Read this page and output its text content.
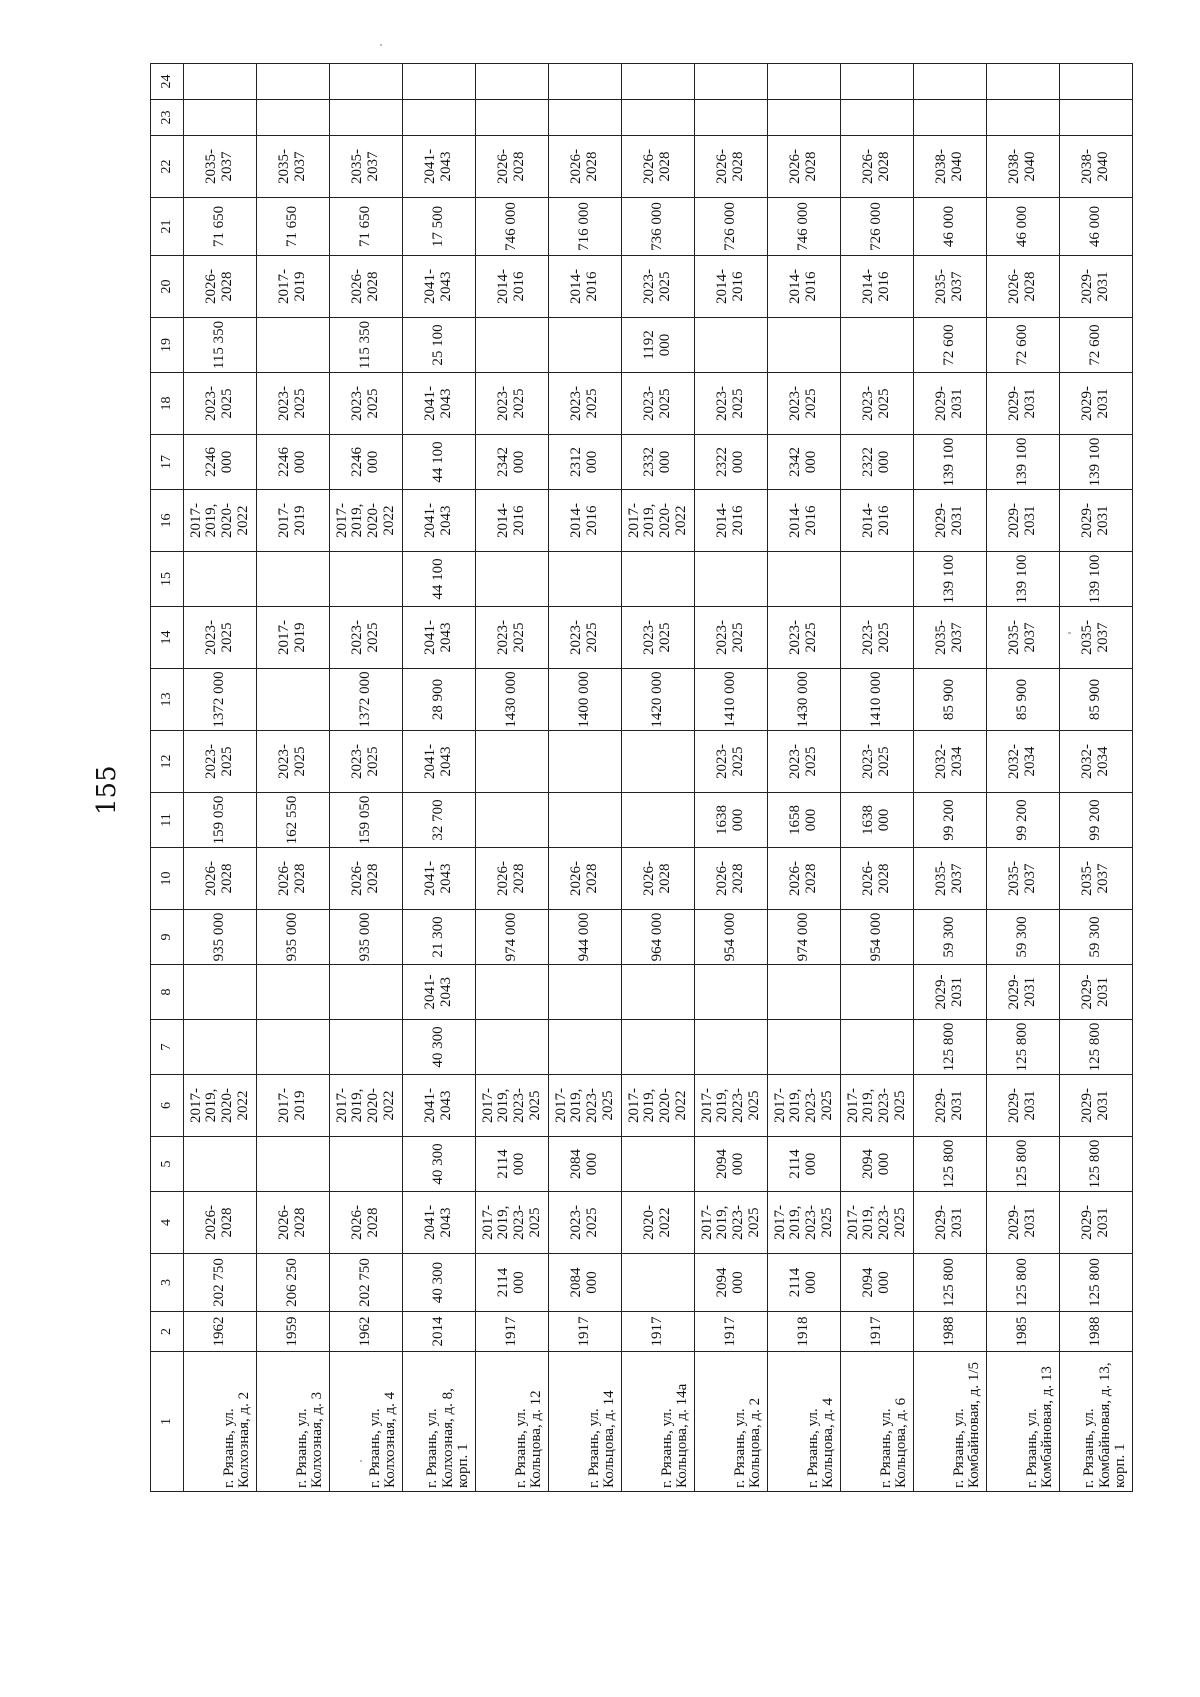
155
1	2	3	4	5	6	7	8	9	10	11	12	13	14	15	16	17	18	19	20	21	22	23	24
г. Рязань, ул. Колхозная, д. 2	1962	202 750	2026-2028		2017-2019, 2020-2022			935 000	2026-2028	159 050	2023-2025	1372 000	2023-2025		2017-2019, 2020-2022	2246 000	2023-2025	115 350	2026-2028	71 650	2035-2037		
г. Рязань, ул. Колхозная, д. 3	1959	206 250	2026-2028		2017-2019			935 000	2026-2028	162 550	2023-2025		2017-2019		2017-2019	2246 000	2023-2025		2017-2019	71 650	2035-2037		
г. Рязань, ул. Колхозная, д. 4	1962	202 750	2026-2028		2017-2019, 2020-2022			935 000	2026-2028	159 050	2023-2025	1372 000	2023-2025		2017-2019, 2020-2022	2246 000	2023-2025	115 350	2026-2028	71 650	2035-2037		
г. Рязань, ул. Колхозная, д. 8, корп. 1	2014	40 300	2041-2043	40 300	2041-2043	40 300	2041-2043	21 300	2041-2043	32 700	2041-2043	28 900	2041-2043	44 100	2041-2043	44 100	2041-2043	25 100	2041-2043	17 500	2041-2043		
г. Рязань, ул. Кольцова, д. 12	1917	2114 000	2017-2019, 2023-2025	2114 000	2017-2019, 2023-2025			974 000	2026-2028			1430 000	2023-2025		2014-2016	2342 000	2023-2025		2014-2016	746 000	2026-2028		
г. Рязань, ул. Кольцова, д. 14	1917	2084 000	2023-2025	2084 000	2017-2019, 2023-2025			944 000	2026-2028			1400 000	2023-2025		2014-2016	2312 000	2023-2025		2014-2016	716 000	2026-2028		
г. Рязань, ул. Кольцова, д. 14а	1917		2020-2022		2017-2019, 2020-2022			964 000	2026-2028			1420 000	2023-2025		2017-2019, 2020-2022	2332 000	2023-2025	1192 000	2023-2025	736 000	2026-2028		
г. Рязань, ул. Кольцова, д. 2	1917	2094 000	2017-2019, 2023-2025	2094 000	2017-2019, 2023-2025			954 000	2026-2028	1638 000	2023-2025	1410 000	2023-2025		2014-2016	2322 000	2023-2025		2014-2016	726 000	2026-2028		
г. Рязань, ул. Кольцова, д. 4	1918	2114 000	2017-2019, 2023-2025	2114 000	2017-2019, 2023-2025			974 000	2026-2028	1658 000	2023-2025	1430 000	2023-2025		2014-2016	2342 000	2023-2025		2014-2016	746 000	2026-2028		
г. Рязань, ул. Кольцова, д. 6	1917	2094 000	2017-2019, 2023-2025	2094 000	2017-2019, 2023-2025			954 000	2026-2028	1638 000	2023-2025	1410 000	2023-2025		2014-2016	2322 000	2023-2025		2014-2016	726 000	2026-2028		
г. Рязань, ул. Комбайновая, д. 1/5	1988	125 800	2029-2031	125 800	2029-2031	125 800	2029-2031	59 300	2035-2037	99 200	2032-2034	85 900	2035-2037	139 100	2029-2031	139 100	2029-2031	72 600	2035-2037	46 000	2038-2040		
г. Рязань, ул. Комбайновая, д. 13	1985	125 800	2029-2031	125 800	2029-2031	125 800	2029-2031	59 300	2035-2037	99 200	2032-2034	85 900	2035-2037	139 100	2029-2031	139 100	2029-2031	72 600	2026-2028	46 000	2038-2040		
г. Рязань, ул. Комбайновая, д. 13, корп. 1	1988	125 800	2029-2031	125 800	2029-2031	125 800	2029-2031	59 300	2035-2037	99 200	2032-2034	85 900	2035-2037	139 100	2029-2031	139 100	2029-2031	72 600	2029-2031	46 000	2038-2040		
